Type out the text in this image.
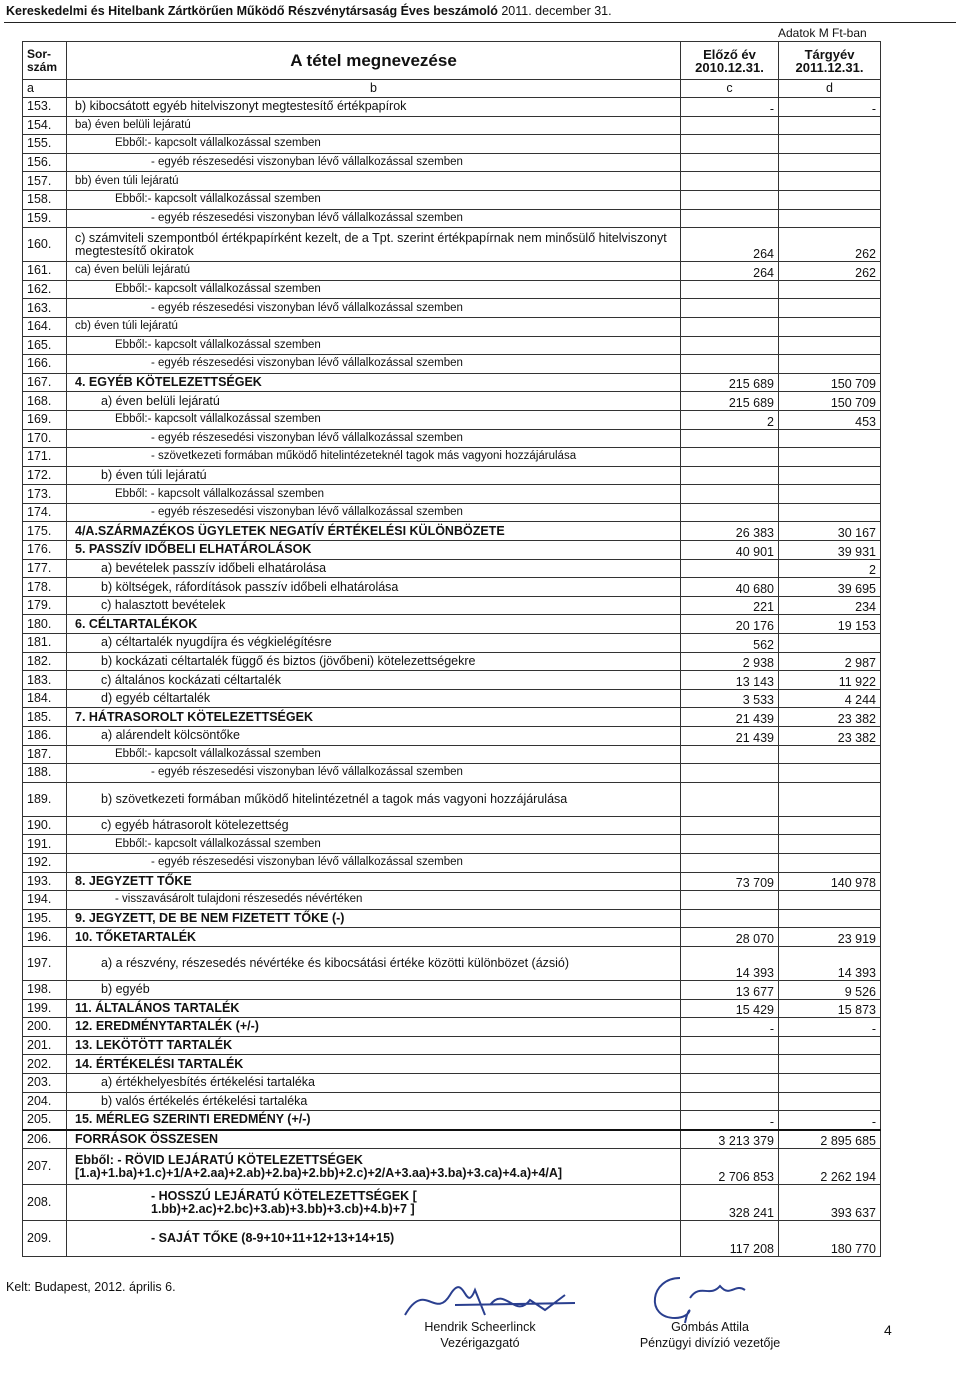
Kereskedelmi és Hitelbank Zártkörűen Működő Részvénytársaság Éves beszámoló 2011. december 31.
Adatok M Ft-ban
Sor-szám	A tétel megnevezése	Előző év 2010.12.31.	Tárgyév 2011.12.31.
a	b	c	d
153.	b) kibocsátott egyéb hitelviszonyt megtestesítő értékpapírok	-	-
154.	ba) éven belüli lejáratú		
155.	Ebből:- kapcsolt vállalkozással szemben		
156.	- egyéb részesedési viszonyban lévő vállalkozással szemben		
157.	bb) éven túli lejáratú		
158.	Ebből:- kapcsolt vállalkozással szemben		
159.	- egyéb részesedési viszonyban lévő vállalkozással szemben		
160.	c) számviteli szempontból értékpapírként kezelt, de a Tpt. szerint értékpapírnak nem minősülő hitelviszonyt megtestesítő okiratok	264	262
161.	ca) éven belüli lejáratú	264	262
162.	Ebből:- kapcsolt vállalkozással szemben		
163.	- egyéb részesedési viszonyban lévő vállalkozással szemben		
164.	cb) éven túli lejáratú		
165.	Ebből:- kapcsolt vállalkozással szemben		
166.	- egyéb részesedési viszonyban lévő vállalkozással szemben		
167.	4. EGYÉB KÖTELEZETTSÉGEK	215 689	150 709
168.	a) éven belüli lejáratú	215 689	150 709
169.	Ebből:- kapcsolt vállalkozással szemben	2	453
170.	- egyéb részesedési viszonyban lévő vállalkozással szemben		
171.	- szövetkezeti formában működő hitelintézeteknél tagok más vagyoni hozzájárulása		
172.	b) éven túli lejáratú		
173.	Ebből: - kapcsolt vállalkozással szemben		
174.	- egyéb részesedési viszonyban lévő vállalkozással szemben		
175.	4/A.SZÁRMAZÉKOS ÜGYLETEK NEGATÍV ÉRTÉKELÉSI KÜLÖNBÖZETE	26 383	30 167
176.	5. PASSZÍV IDŐBELI ELHATÁROLÁSOK	40 901	39 931
177.	a) bevételek passzív időbeli elhatárolása		2
178.	b) költségek, ráfordítások passzív időbeli elhatárolása	40 680	39 695
179.	c) halasztott bevételek	221	234
180.	6. CÉLTARTALÉKOK	20 176	19 153
181.	a) céltartalék nyugdíjra és végkielégítésre	562	
182.	b) kockázati céltartalék függő és biztos (jövőbeni) kötelezettségekre	2 938	2 987
183.	c) általános kockázati céltartalék	13 143	11 922
184.	d) egyéb céltartalék	3 533	4 244
185.	7. HÁTRASOROLT KÖTELEZETTSÉGEK	21 439	23 382
186.	a) alárendelt kölcsöntőke	21 439	23 382
187.	Ebből:- kapcsolt vállalkozással szemben		
188.	- egyéb részesedési viszonyban lévő vállalkozással szemben		
189.	b) szövetkezeti formában működő hitelintézetnél a tagok más vagyoni hozzájárulása		
190.	c) egyéb hátrasorolt kötelezettség		
191.	Ebből:- kapcsolt vállalkozással szemben		
192.	- egyéb részesedési viszonyban lévő vállalkozással szemben		
193.	8. JEGYZETT TŐKE	73 709	140 978
194.	- visszavásárolt tulajdoni részesedés névértéken		
195.	9. JEGYZETT, DE BE NEM FIZETETT TŐKE (-)		
196.	10. TŐKETARTALÉK	28 070	23 919
197.	a) a részvény, részesedés névértéke és kibocsátási értéke közötti különbözet (ázsió)	14 393	14 393
198.	b) egyéb	13 677	9 526
199.	11. ÁLTALÁNOS TARTALÉK	15 429	15 873
200.	12. EREDMÉNYTARTALÉK (+/-)	-	-
201.	13. LEKÖTÖTT TARTALÉK		
202.	14. ÉRTÉKELÉSI TARTALÉK		
203.	a) értékhelyesbítés értékelési tartaléka		
204.	b) valós értékelés értékelési tartaléka		
205.	15. MÉRLEG SZERINTI EREDMÉNY (+/-)	-	-
206.	FORRÁSOK ÖSSZESEN	3 213 379	2 895 685
207.	Ebből: - RÖVID LEJÁRATÚ KÖTELEZETTSÉGEK [1.a)+1.ba)+1.c)+1/A+2.aa)+2.ab)+2.ba)+2.bb)+2.c)+2/A+3.aa)+3.ba)+3.ca)+4.a)+4/A]	2 706 853	2 262 194
208.	- HOSSZÚ LEJÁRATÚ KÖTELEZETTSÉGEK [ 1.bb)+2.ac)+2.bc)+3.ab)+3.bb)+3.cb)+4.b)+7 ]	328 241	393 637
209.	- SAJÁT TŐKE (8-9+10+11+12+13+14+15)	117 208	180 770
Kelt: Budapest, 2012. április 6.
Hendrik Scheerlinck
Vezérigazgató
Gombás Attila
Pénzügyi divízió vezetője
4
